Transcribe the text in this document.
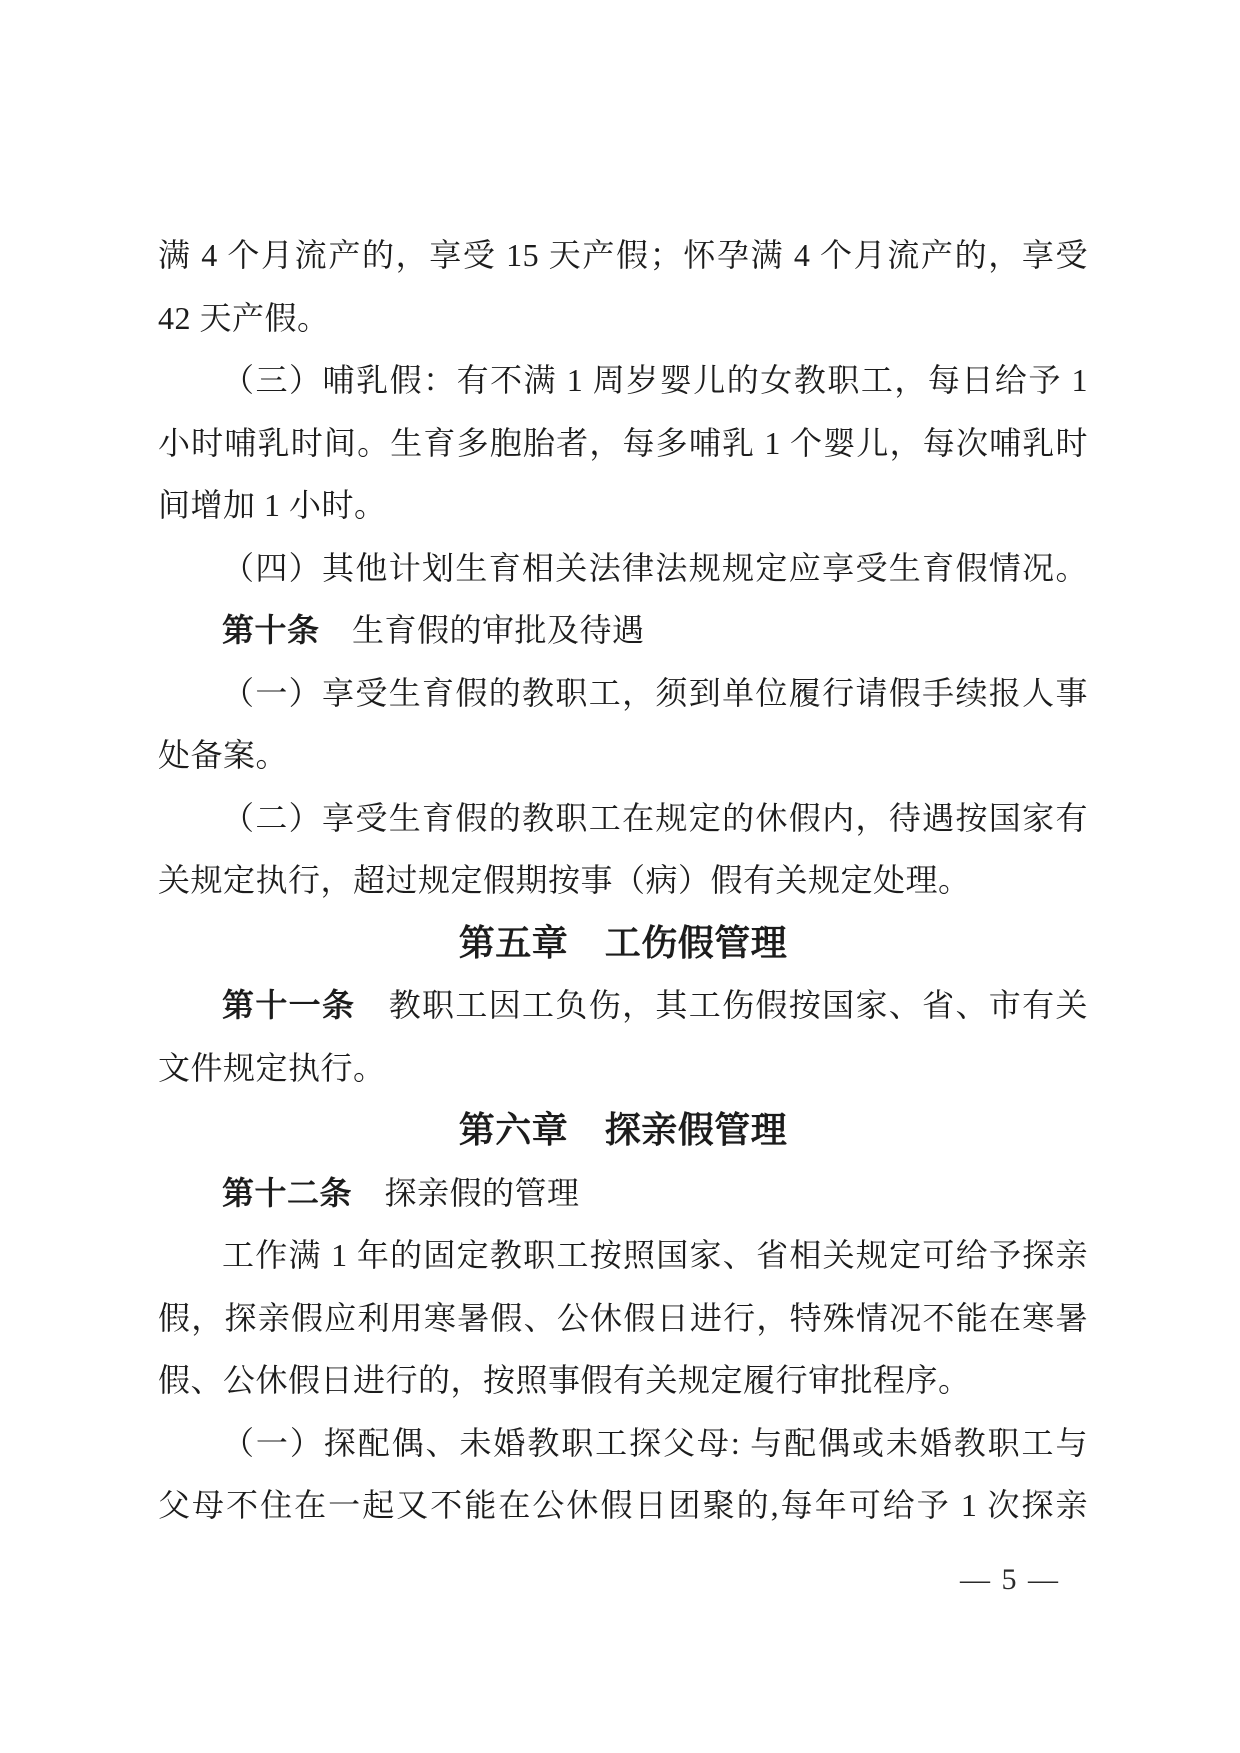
满 4 个月流产的，享受 15 天产假；怀孕满 4 个月流产的，享受
42 天产假。
（三）哺乳假：有不满 1 周岁婴儿的女教职工，每日给予 1
小时哺乳时间。生育多胞胎者，每多哺乳 1 个婴儿，每次哺乳时
间增加 1 小时。
（四）其他计划生育相关法律法规规定应享受生育假情况。
第十条　生育假的审批及待遇
（一）享受生育假的教职工，须到单位履行请假手续报人事
处备案。
（二）享受生育假的教职工在规定的休假内，待遇按国家有
关规定执行，超过规定假期按事（病）假有关规定处理。
第五章　工伤假管理
第十一条　教职工因工负伤，其工伤假按国家、省、市有关
文件规定执行。
第六章　探亲假管理
第十二条　探亲假的管理
工作满 1 年的固定教职工按照国家、省相关规定可给予探亲
假，探亲假应利用寒暑假、公休假日进行，特殊情况不能在寒暑
假、公休假日进行的，按照事假有关规定履行审批程序。
（一）探配偶、未婚教职工探父母: 与配偶或未婚教职工与
父母不住在一起又不能在公休假日团聚的,每年可给予 1 次探亲
— 5 —
